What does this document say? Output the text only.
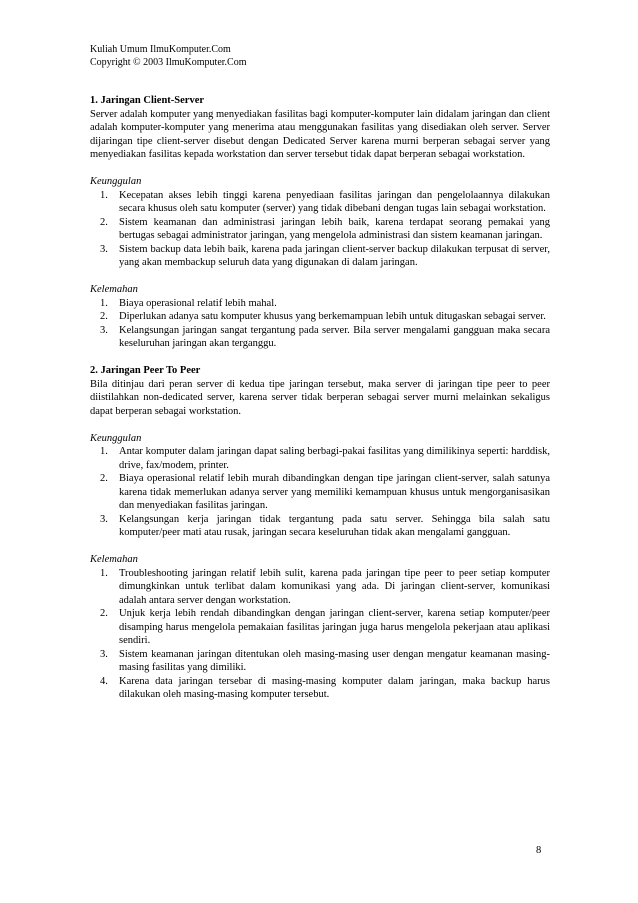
Kuliah Umum IlmuKomputer.Com
Copyright © 2003 IlmuKomputer.Com
1. Jaringan Client-Server

Server adalah komputer yang menyediakan fasilitas bagi komputer-komputer lain didalam jaringan dan client adalah komputer-komputer yang menerima atau menggunakan fasilitas yang disediakan oleh server. Server dijaringan tipe client-server disebut dengan Dedicated Server karena murni berperan sebagai server yang menyediakan fasilitas kepada workstation dan server tersebut tidak dapat berperan sebagai workstation.

Keunggulan

1.	Kecepatan akses lebih tinggi karena penyediaan fasilitas jaringan dan pengelolaannya dilakukan secara khusus oleh satu komputer (server) yang tidak dibebani dengan tugas lain sebagai workstation.
2.	Sistem keamanan dan administrasi jaringan lebih baik, karena terdapat seorang pemakai yang bertugas sebagai administrator jaringan, yang mengelola administrasi dan sistem keamanan jaringan.
3.	Sistem backup data lebih baik, karena pada jaringan client-server backup dilakukan terpusat di server, yang akan membackup seluruh data yang digunakan di dalam jaringan.

Kelemahan

1.	Biaya operasional relatif lebih mahal.
2.	Diperlukan adanya satu komputer khusus yang berkemampuan lebih untuk ditugaskan sebagai server.
3.	Kelangsungan jaringan sangat tergantung pada server. Bila server mengalami gangguan maka secara keseluruhan jaringan akan terganggu.
2. Jaringan Peer To Peer

Bila ditinjau dari peran server di kedua tipe jaringan tersebut, maka server di jaringan tipe peer to peer diistilahkan non-dedicated server, karena server tidak berperan sebagai server murni melainkan sekaligus dapat berperan sebagai workstation.

Keunggulan

1.	Antar komputer dalam jaringan dapat saling berbagi-pakai fasilitas yang dimilikinya seperti: harddisk, drive, fax/modem, printer.
2.	Biaya operasional relatif lebih murah dibandingkan dengan tipe jaringan client-server, salah satunya karena tidak memerlukan adanya server yang memiliki kemampuan khusus untuk mengorganisasikan dan menyediakan fasilitas jaringan.
3.	Kelangsungan kerja jaringan tidak tergantung pada satu server. Sehingga bila salah satu komputer/peer mati atau rusak, jaringan secara keseluruhan tidak akan mengalami gangguan.

Kelemahan

1.	Troubleshooting jaringan relatif lebih sulit, karena pada jaringan tipe peer to peer setiap komputer dimungkinkan untuk terlibat dalam komunikasi yang ada. Di jaringan client-server, komunikasi adalah antara server dengan workstation.
2.	Unjuk kerja lebih rendah dibandingkan dengan jaringan client-server, karena setiap komputer/peer disamping harus mengelola pemakaian fasilitas jaringan juga harus mengelola pekerjaan atau aplikasi sendiri.
3.	Sistem keamanan jaringan ditentukan oleh masing-masing user dengan mengatur keamanan masing-masing fasilitas yang dimiliki.
4.	Karena data jaringan tersebar di masing-masing komputer dalam jaringan, maka backup harus dilakukan oleh masing-masing komputer tersebut.
8
